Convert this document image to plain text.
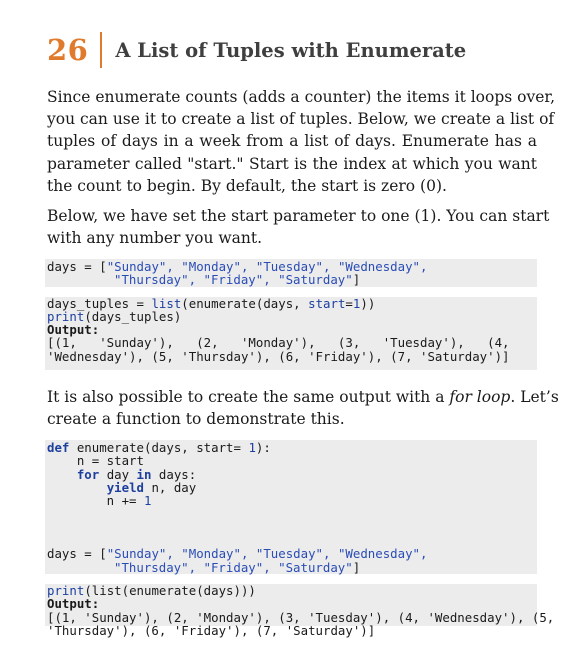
26 A List of Tuples with Enumerate

Since enumerate counts (adds a counter) the items it loops over,
you can use it to create a list of tuples. Below, we create a list of
tuples of days in a week from a list of days. Enumerate has a
parameter called "start." Start is the index at which you want
the count to begin. By default, the start is zero (0).

Below, we have set the start parameter to one (1). You can start
with any number you want.

days = ["Sunday", "Monday", "Tuesday", "Wednesday",
"Thursday", "Friday", "Saturday"]
days_tuples = list(enumerate(days, start=1))
print(days_tuples)
Output:
[(1,   'Sunday'),   (2,   'Monday'),   (3,   'Tuesday'),   (4,
'Wednesday'), (5, 'Thursday'), (6, 'Friday'), (7, 'Saturday')]

It is also possible to create the same output with a for loop. Let’s
create a function to demonstrate this.

def enumerate(days, start= 1):
n = start
for day in days:
yield n, day
n += 1
days = ["Sunday", "Monday", "Tuesday", "Wednesday",
"Thursday", "Friday", "Saturday"]
print(list(enumerate(days)))
Output:
[(1, 'Sunday'), (2, 'Monday'), (3, 'Tuesday'), (4, 'Wednesday'), (5,
'Thursday'), (6, 'Friday'), (7, 'Saturday')]
